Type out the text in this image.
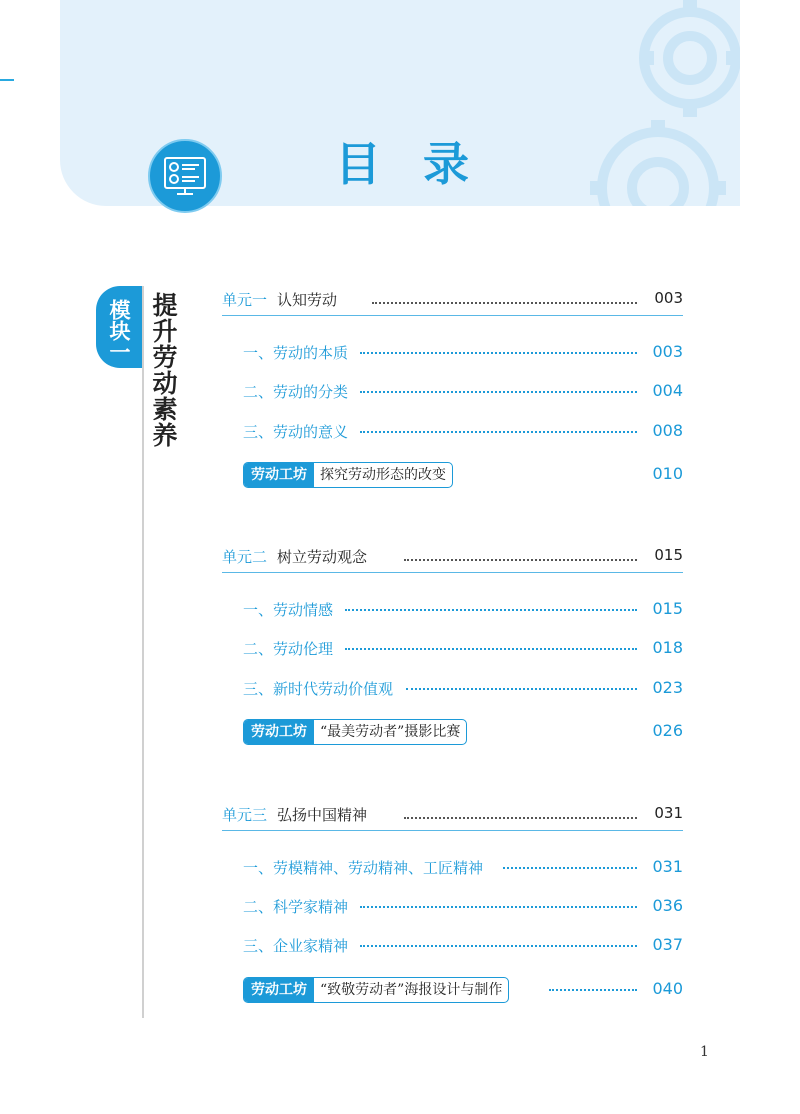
目录
模块一 提升劳动素养	单元一 认知劳动	003
一、劳动的本质	003
二、劳动的分类	004
三、劳动的意义	008
劳动工坊 探究劳动形态的改变	010
单元二 树立劳动观念	015
一、劳动情感	015
二、劳动伦理	018
三、新时代劳动价值观	023
劳动工坊 “最美劳动者”摄影比赛	026
单元三 弘扬中国精神	031
一、劳模精神、劳动精神、工匠精神	031
二、科学家精神	036
三、企业家精神	037
劳动工坊 “致敬劳动者”海报设计与制作	040
1
